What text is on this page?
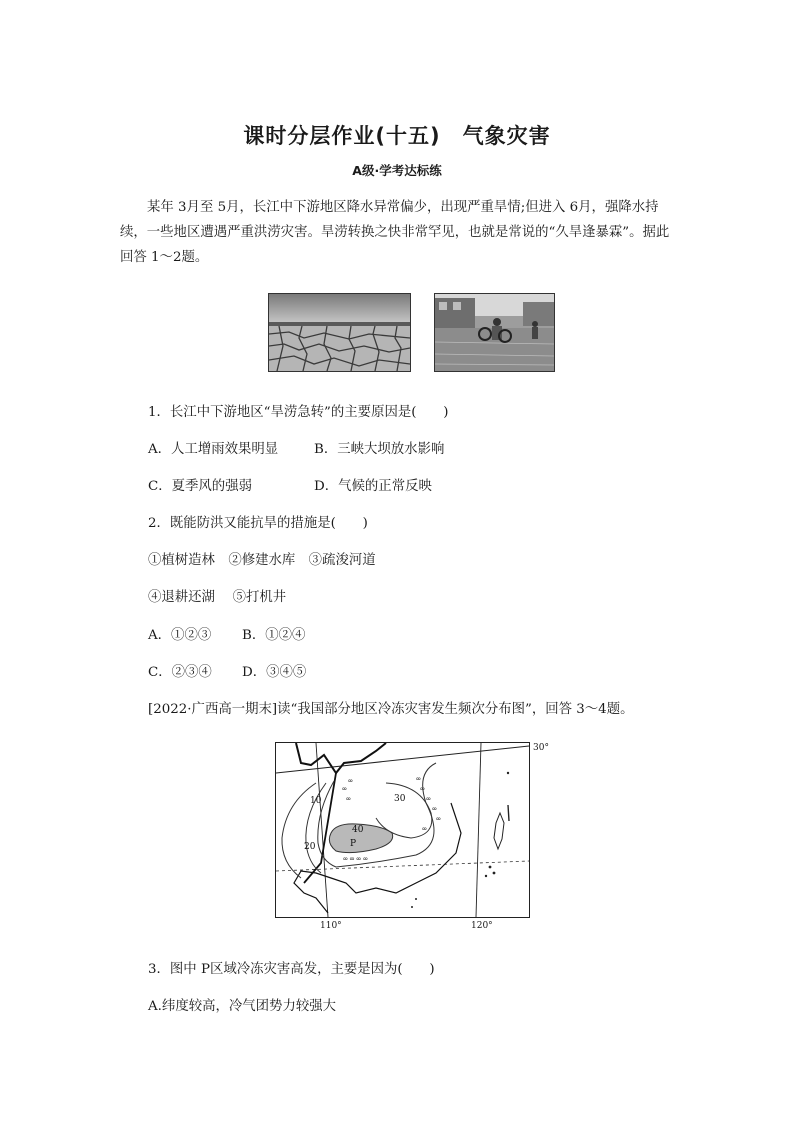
课时分层作业(十五)　气象灾害
A级·学考达标练
某年 3月至 5月，长江中下游地区降水异常偏少，出现严重旱情;但进入 6月，强降水持续，一些地区遭遇严重洪涝灾害。旱涝转换之快非常罕见，也就是常说的“久旱逢暴霖”。据此回答 1～2题。
1．长江中下游地区“旱涝急转”的主要原因是(　　)
A．人工增雨效果明显	B．三峡大坝放水影响
C．夏季风的强弱	D．气候的正常反映
2．既能防洪又能抗旱的措施是(　　)
①植树造林　②修建水库　③疏浚河道
④退耕还湖　 ⑤打机井
A．①②③ B．①②④
C．②③④ D．③④⑤
[2022·广西高一期末]读“我国部分地区冷冻灾害发生频次分布图”，回答 3～4题。
ᢁ ᢁ ᢁ ᢁ
ᢁ
ᢁ
ᢁ
ᢁ
ᢁ
ᢁ
ᢁ
ᢁ
ᢁ
10
20
30
40
P
30°
110°	120°
3．图中 P区域冷冻灾害高发，主要是因为(　　)
A.纬度较高，冷气团势力较强大
